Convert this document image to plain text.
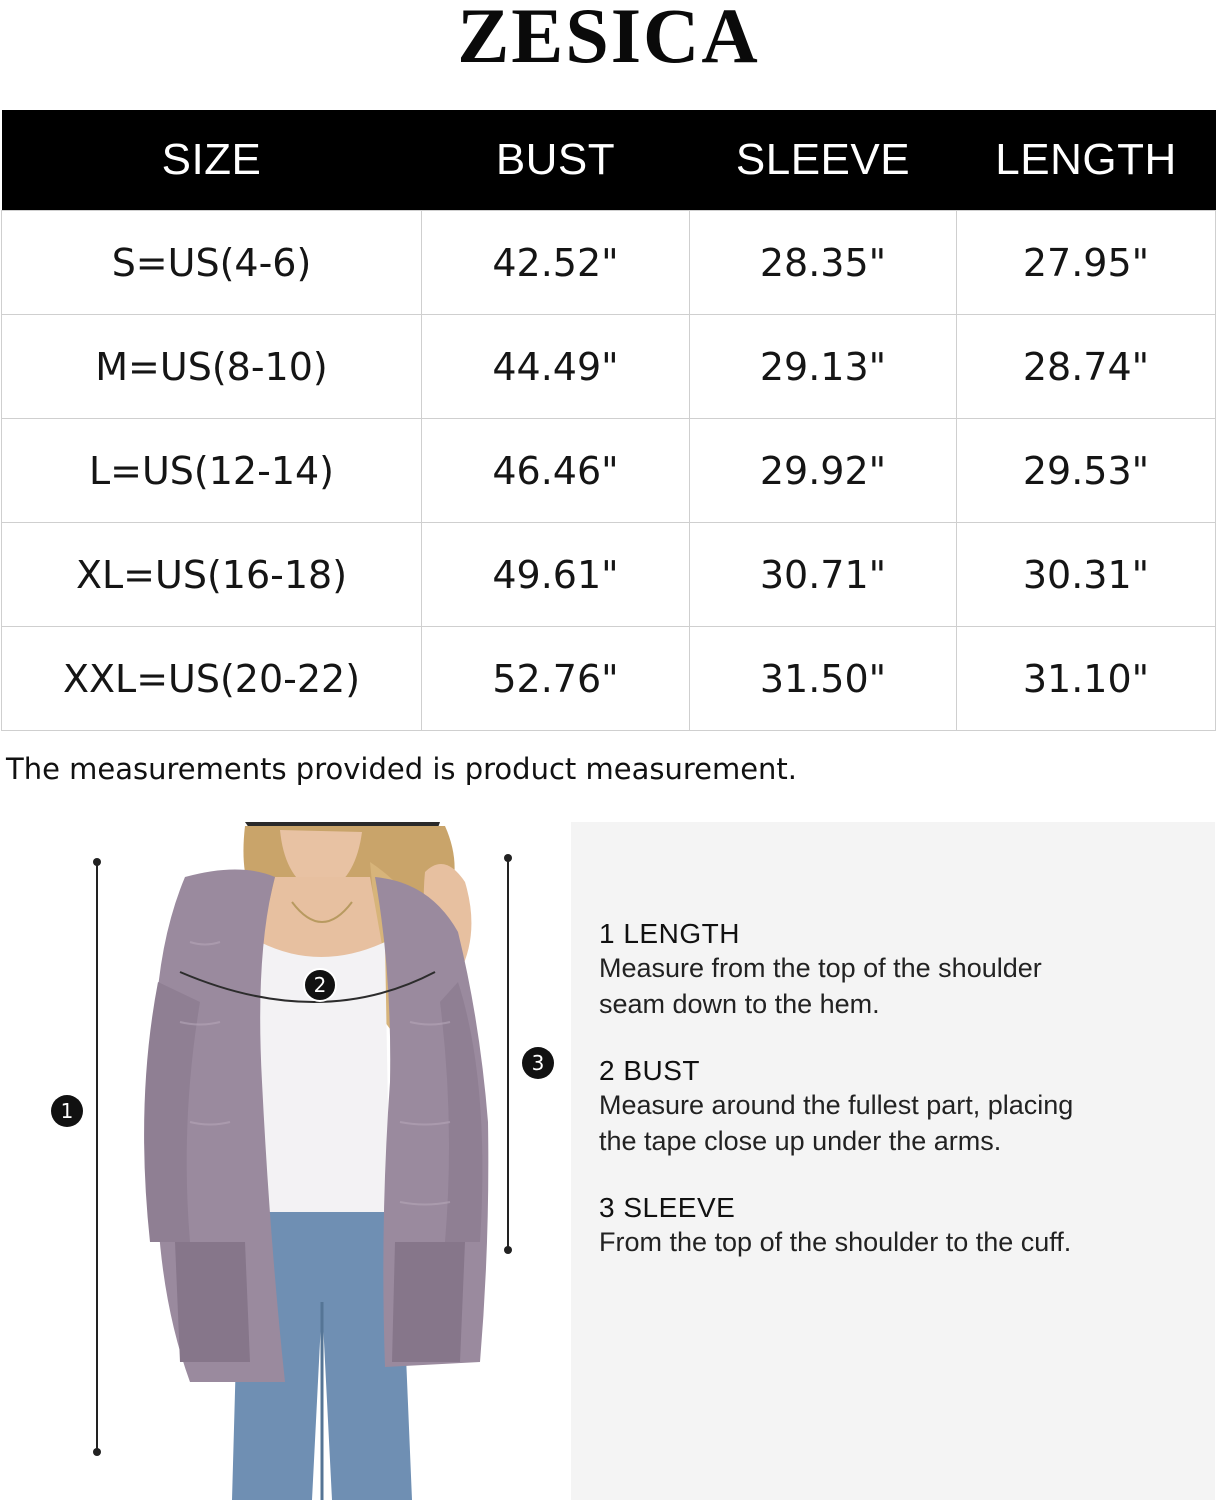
ZESICA
SIZE	BUST	SLEEVE	LENGTH
S=US(4-6)	42.52"	28.35"	27.95"
M=US(8-10)	44.49"	29.13"	28.74"
L=US(12-14)	46.46"	29.92"	29.53"
XL=US(16-18)	49.61"	30.71"	30.31"
XXL=US(20-22)	52.76"	31.50"	31.10"
The measurements provided is product measurement.
1
2
3
1 LENGTH
Measure from the top of the shoulder
seam down to the hem.
2 BUST
Measure around the fullest part, placing
the tape close up under the arms.
3 SLEEVE
From the top of the shoulder to the cuff.
